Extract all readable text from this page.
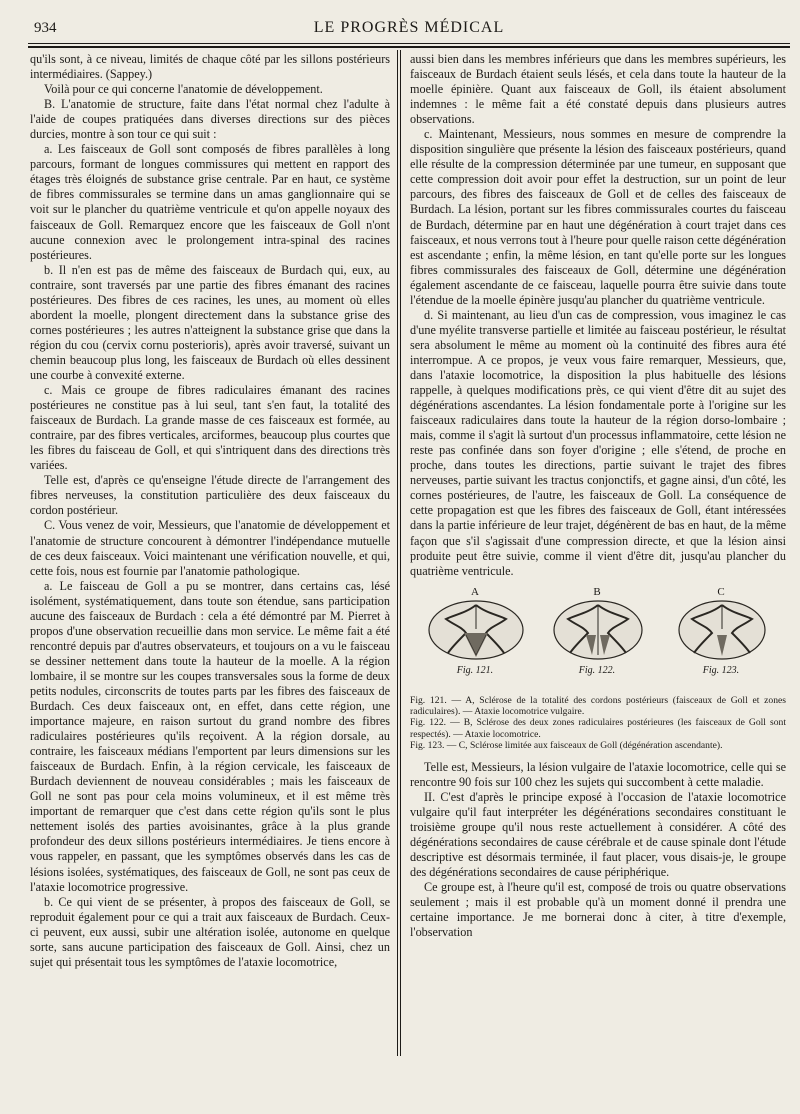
934	LE PROGRÈS MÉDICAL

qu'ils sont, à ce niveau, limités de chaque côté par les sillons postérieurs intermédiaires. (Sappey.)

Voilà pour ce qui concerne l'anatomie de développement.

B. L'anatomie de structure, faite dans l'état normal chez l'adulte à l'aide de coupes pratiquées dans diverses directions sur des pièces durcies, montre à son tour ce qui suit :

a. Les faisceaux de Goll sont composés de fibres parallèles à long parcours, formant de longues commissures qui mettent en rapport des étages très éloignés de substance grise centrale. Par en haut, ce système de fibres commissurales se termine dans un amas ganglionnaire qui se voit sur le plancher du quatrième ventricule et qu'on appelle noyaux des faisceaux de Goll. Remarquez encore que les faisceaux de Goll n'ont aucune connexion avec le prolongement intra-spinal des racines postérieures.

b. Il n'en est pas de même des faisceaux de Burdach qui, eux, au contraire, sont traversés par une partie des fibres émanant des racines postérieures. Des fibres de ces racines, les unes, au moment où elles abordent la moelle, plongent directement dans la substance grise des cornes postérieures ; les autres n'atteignent la substance grise que dans la région du cou (cervix cornu posterioris), après avoir traversé, suivant un chemin beaucoup plus long, les faisceaux de Burdach où elles dessinent une courbe à convexité externe.

c. Mais ce groupe de fibres radiculaires émanant des racines postérieures ne constitue pas à lui seul, tant s'en faut, la totalité des faisceaux de Burdach. La grande masse de ces faisceaux est formée, au contraire, par des fibres verticales, arciformes, beaucoup plus courtes que les fibres du faisceau de Goll, et qui s'intriquent dans des directions très variées.

Telle est, d'après ce qu'enseigne l'étude directe de l'arrangement des fibres nerveuses, la constitution particulière des deux faisceaux du cordon postérieur.

C. Vous venez de voir, Messieurs, que l'anatomie de développement et l'anatomie de structure concourent à démontrer l'indépendance mutuelle de ces deux faisceaux. Voici maintenant une vérification nouvelle, et qui, cette fois, nous est fournie par l'anatomie pathologique.

a. Le faisceau de Goll a pu se montrer, dans certains cas, lésé isolément, systématiquement, dans toute son étendue, sans participation aucune des faisceaux de Burdach : cela a été démontré par M. Pierret à propos d'une observation recueillie dans mon service. Le même fait a été rencontré depuis par d'autres observateurs, et toujours on a vu le faisceau se dessiner nettement dans toute la hauteur de la moelle. A la région lombaire, il se montre sur les coupes transversales sous la forme de deux petits nodules, circonscrits de toutes parts par les fibres des faisceaux de Burdach. Ces deux faisceaux ont, en effet, dans cette région, une importance majeure, en raison surtout du grand nombre des fibres radiculaires postérieures qu'ils reçoivent. A la région dorsale, au contraire, les faisceaux médians l'emportent par leurs dimensions sur les faisceaux de Burdach. Enfin, à la région cervicale, les faisceaux de Burdach deviennent de nouveau considérables ; mais les faisceaux de Goll ne sont pas pour cela moins volumineux, et il est même très important de remarquer que c'est dans cette région qu'ils sont le plus nettement isolés des parties avoisinantes, grâce à la plus grande profondeur des deux sillons postérieurs intermédiaires. Je tiens encore à vous rappeler, en passant, que les symptômes observés dans les cas de lésions isolées, systématiques, des faisceaux de Goll, ne sont pas ceux de l'ataxie locomotrice progressive.

b. Ce qui vient de se présenter, à propos des faisceaux de Goll, se reproduit également pour ce qui a trait aux faisceaux de Burdach. Ceux-ci peuvent, eux aussi, subir une altération isolée, autonome en quelque sorte, sans aucune participation des faisceaux de Goll. Ainsi, chez un sujet qui présentait tous les symptômes de l'ataxie locomotrice,

aussi bien dans les membres inférieurs que dans les membres supérieurs, les faisceaux de Burdach étaient seuls lésés, et cela dans toute la hauteur de la moelle épinière. Quant aux faisceaux de Goll, ils étaient absolument indemnes : le même fait a été constaté depuis dans plusieurs autres observations.

c. Maintenant, Messieurs, nous sommes en mesure de comprendre la disposition singulière que présente la lésion des faisceaux postérieurs, quand elle résulte de la compression déterminée par une tumeur, en supposant que cette compression doit avoir pour effet la destruction, sur un point de leur parcours, des fibres des faisceaux de Goll et de celles des faisceaux de Burdach. La lésion, portant sur les fibres commissurales courtes du faisceau de Burdach, détermine par en haut une dégénération à court trajet dans ces faisceaux, et nous verrons tout à l'heure pour quelle raison cette dégénération est ascendante ; enfin, la même lésion, en tant qu'elle porte sur les longues fibres commissurales des faisceaux de Goll, détermine une dégénération également ascendante de ce faisceau, laquelle pourra être suivie dans toute l'étendue de la moelle épinère jusqu'au plancher du quatrième ventricule.

d. Si maintenant, au lieu d'un cas de compression, vous imaginez le cas d'une myélite transverse partielle et limitée au faisceau postérieur, le résultat sera absolument le même au moment où la continuité des fibres aura été interrompue. A ce propos, je veux vous faire remarquer, Messieurs, que, dans l'ataxie locomotrice, la disposition la plus habituelle des lésions rappelle, à quelques modifications près, ce qui vient d'être dit au sujet des dégénérations ascendantes. La lésion fondamentale porte à l'origine sur les faisceaux radiculaires dans toute la hauteur de la région dorso-lombaire ; mais, comme il s'agit là surtout d'un processus inflammatoire, cette lésion ne reste pas confinée dans son foyer d'origine ; elle s'étend, de proche en proche, dans toutes les directions, partie suivant le trajet des fibres nerveuses, partie suivant les tractus conjonctifs, et gagne ainsi, d'un côté, les cornes postérieures, de l'autre, les faisceaux de Goll. La conséquence de cette propagation est que les fibres des faisceaux de Goll, étant intéressées dans la partie inférieure de leur trajet, dégénèrent de bas en haut, de la même façon que s'il s'agissait d'une compression directe, et que la lésion ainsi produite peut être suivie, comme il vient d'être dit, jusqu'au plancher du quatrième ventricule.

A
Fig. 121.
B
Fig. 122.
C
Fig. 123.

Fig. 121. — A, Sclérose de la totalité des cordons postérieurs (faisceaux de Goll et zones radiculaires). — Ataxie locomotrice vulgaire.

Fig. 122. — B, Sclérose des deux zones radiculaires postérieures (les faisceaux de Goll sont respectés). — Ataxie locomotrice.

Fig. 123. — C, Sclérose limitée aux faisceaux de Goll (dégénération ascendante).

Telle est, Messieurs, la lésion vulgaire de l'ataxie locomotrice, celle qui se rencontre 90 fois sur 100 chez les sujets qui succombent à cette maladie.

II. C'est d'après le principe exposé à l'occasion de l'ataxie locomotrice vulgaire qu'il faut interpréter les dégénérations secondaires constituant le troisième groupe qu'il nous reste actuellement à considérer. A côté des dégénérations secondaires de cause cérébrale et de cause spinale dont l'étude descriptive est désormais terminée, il faut placer, vous disais-je, le groupe des dégénérations secondaires de cause périphérique.

Ce groupe est, à l'heure qu'il est, composé de trois ou quatre observations seulement ; mais il est probable qu'à un moment donné il prendra une certaine importance. Je me bornerai donc à citer, à titre d'exemple, l'observation
